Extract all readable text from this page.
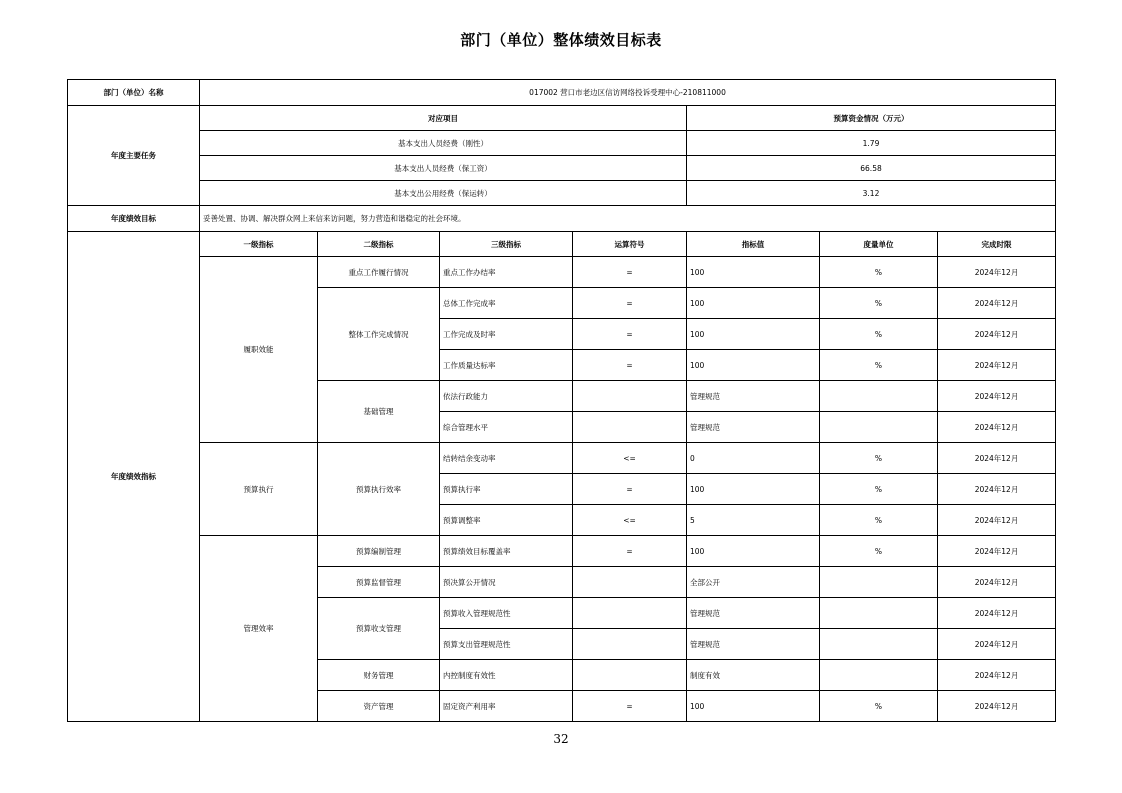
部门（单位）整体绩效目标表
部门（单位）名称	017002 营口市老边区信访网络投诉受理中心-210811000						
年度主要任务	对应项目				预算资金情况（万元）		
	基本支出人员经费（刚性）				1.79		
	基本支出人员经费（保工资）				66.58		
	基本支出公用经费（保运转）				3.12		
年度绩效目标	妥善处置、协调、解决群众网上来信来访问题，努力营造和谐稳定的社会环境。						
年度绩效指标	一级指标	二级指标	三级指标	运算符号	指标值	度量单位	完成时限
	履职效能	重点工作履行情况	重点工作办结率	=	100	%	2024年12月
		整体工作完成情况	总体工作完成率	=	100	%	2024年12月
			工作完成及时率	=	100	%	2024年12月
			工作质量达标率	=	100	%	2024年12月
		基础管理	依法行政能力		管理规范		2024年12月
			综合管理水平		管理规范		2024年12月
	预算执行	预算执行效率	结转结余变动率	<=	0	%	2024年12月
			预算执行率	=	100	%	2024年12月
			预算调整率	<=	5	%	2024年12月
	管理效率	预算编制管理	预算绩效目标覆盖率	=	100	%	2024年12月
		预算监督管理	预决算公开情况		全部公开		2024年12月
		预算收支管理	预算收入管理规范性		管理规范		2024年12月
			预算支出管理规范性		管理规范		2024年12月
		财务管理	内控制度有效性		制度有效		2024年12月
		资产管理	固定资产利用率	=	100	%	2024年12月
32
